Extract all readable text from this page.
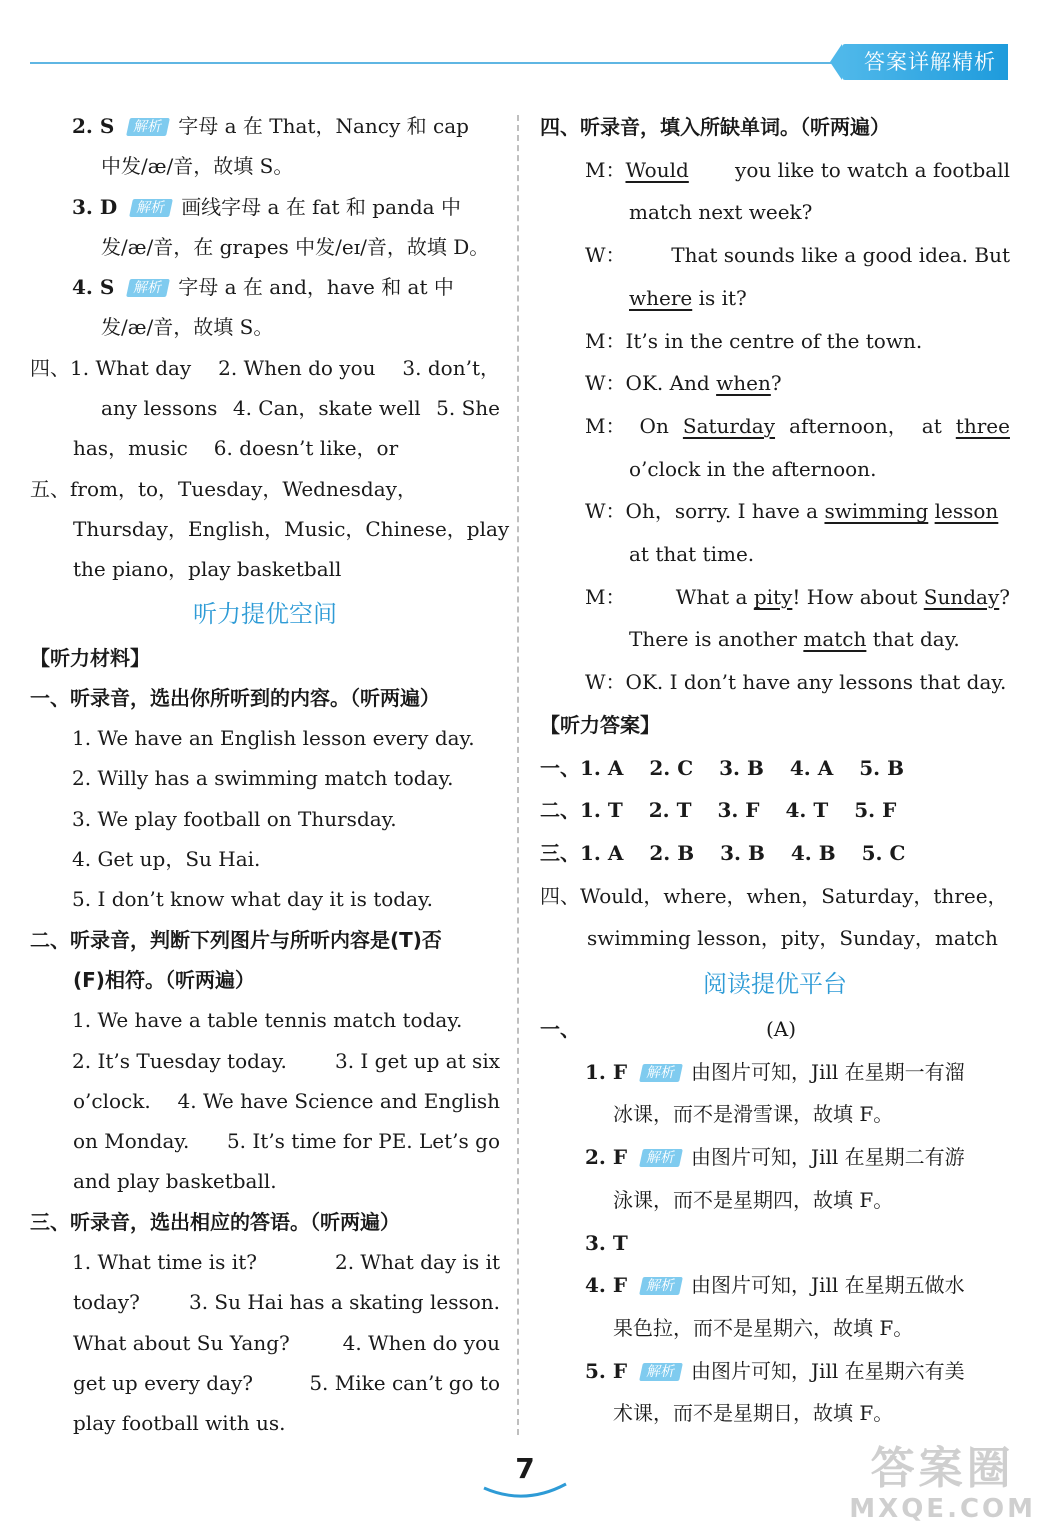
答案详解精析
2. S 解析 字母 a 在 That，Nancy 和 cap
中发/æ/音，故填 S。
3. D 解析 画线字母 a 在 fat 和 panda 中
发/æ/音，在 grapes 中发/eɪ/音，故填 D。
4. S 解析 字母 a 在 and，have 和 at 中
发/æ/音，故填 S。
四、1. What day 2. When do you 3. don’t，
any lessons 4. Can，skate well 5. She
has，music 6. doesn’t like，or
五、from，to，Tuesday，Wednesday，
Thursday，English，Music，Chinese，play
the piano，play basketball
听力提优空间
【听力材料】
一、听录音，选出你所听到的内容。（听两遍）
1. We have an English lesson every day.
2. Willy has a swimming match today.
3. We play football on Thursday.
4. Get up，Su Hai.
5. I don’t know what day it is today.
二、听录音，判断下列图片与所听内容是(T)否
(F)相符。（听两遍）
1. We have a table tennis match today.
2. It’s Tuesday today. 3. I get up at six
o’clock. 4. We have Science and English
on Monday. 5. It’s time for PE. Let’s go
and play basketball.
三、听录音，选出相应的答语。（听两遍）
1. What time is it?	2. What day is it
today? 3. Su Hai has a skating lesson.
What about Su Yang?	4. When do you
get up every day?	5. Mike can’t go to
play football with us.
四、听录音，填入所缺单词。（听两遍）
M：Would you like to watch a football
match next week?
W： That sounds like a good idea. But
where is it?
M：It’s in the centre of the town.
W：OK. And when?
M： On Saturday afternoon， at three
o’clock in the afternoon.
W：Oh，sorry. I have a swimming lesson
at that time.
M：	What a pity! How about Sunday?
There is another match that day.
W：OK. I don’t have any lessons that day.
【听力答案】
一、1. A 2. C 3. B 4. A 5. B
二、1. T 2. T 3. F 4. T 5. F
三、1. A 2. B 3. B 4. B 5. C
四、Would，where，when，Saturday，three，
swimming lesson，pity，Sunday，match
阅读提优平台
一、	(A)
1. F 解析 由图片可知，Jill 在星期一有溜
冰课，而不是滑雪课，故填 F。
2. F 解析 由图片可知，Jill 在星期二有游
泳课，而不是星期四，故填 F。
3. T
4. F 解析 由图片可知，Jill 在星期五做水
果色拉，而不是星期六，故填 F。
5. F 解析 由图片可知，Jill 在星期六有美
术课，而不是星期日，故填 F。
7	答案圈
MXQE.COM
